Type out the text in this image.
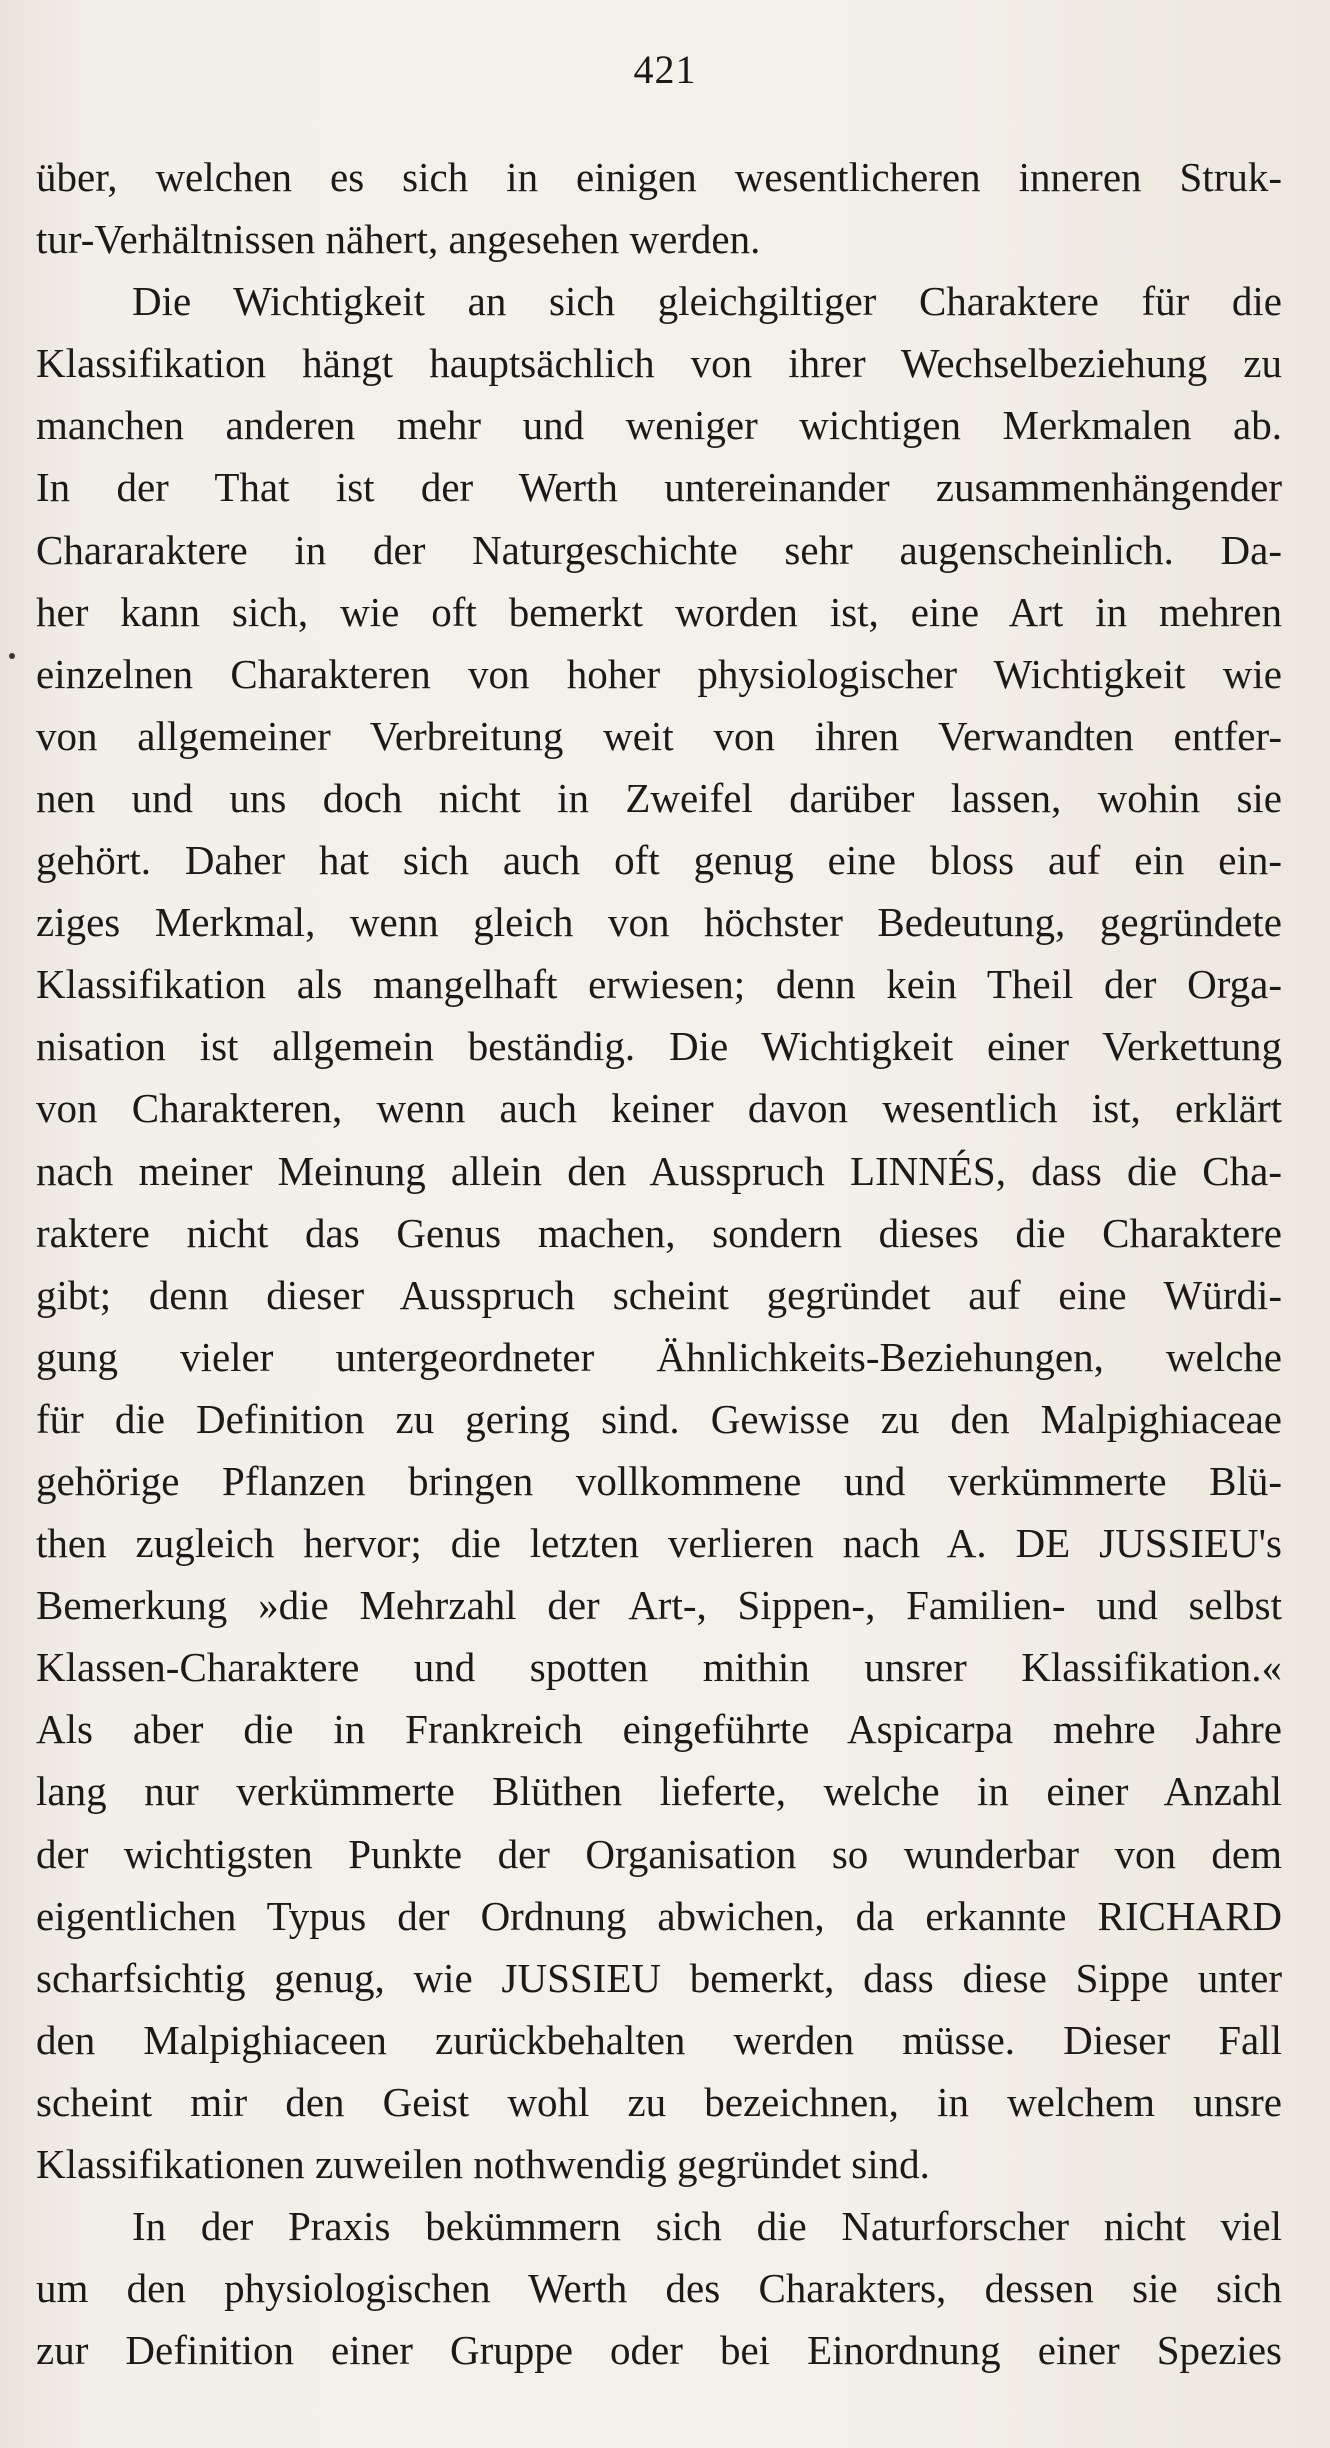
421
über, welchen es sich in einigen wesentlicheren inneren Struk-
tur-Verhältnissen nähert, angesehen werden.
Die Wichtigkeit an sich gleichgiltiger Charaktere für die
Klassifikation hängt hauptsächlich von ihrer Wechselbeziehung zu
manchen anderen mehr und weniger wichtigen Merkmalen ab.
In der That ist der Werth untereinander zusammenhängender
Chararaktere in der Naturgeschichte sehr augenscheinlich. Da-
her kann sich, wie oft bemerkt worden ist, eine Art in mehren
einzelnen Charakteren von hoher physiologischer Wichtigkeit wie
von allgemeiner Verbreitung weit von ihren Verwandten entfer-
nen und uns doch nicht in Zweifel darüber lassen, wohin sie
gehört. Daher hat sich auch oft genug eine bloss auf ein ein-
ziges Merkmal, wenn gleich von höchster Bedeutung, gegründete
Klassifikation als mangelhaft erwiesen; denn kein Theil der Orga-
nisation ist allgemein beständig. Die Wichtigkeit einer Verkettung
von Charakteren, wenn auch keiner davon wesentlich ist, erklärt
nach meiner Meinung allein den Ausspruch LINNÉS, dass die Cha-
raktere nicht das Genus machen, sondern dieses die Charaktere
gibt; denn dieser Ausspruch scheint gegründet auf eine Würdi-
gung vieler untergeordneter Ähnlichkeits-Beziehungen, welche
für die Definition zu gering sind. Gewisse zu den Malpighiaceae
gehörige Pflanzen bringen vollkommene und verkümmerte Blü-
then zugleich hervor; die letzten verlieren nach A. DE JUSSIEU's
Bemerkung »die Mehrzahl der Art-, Sippen-, Familien- und selbst
Klassen-Charaktere und spotten mithin unsrer Klassifikation.«
Als aber die in Frankreich eingeführte Aspicarpa mehre Jahre
lang nur verkümmerte Blüthen lieferte, welche in einer Anzahl
der wichtigsten Punkte der Organisation so wunderbar von dem
eigentlichen Typus der Ordnung abwichen, da erkannte RICHARD
scharfsichtig genug, wie JUSSIEU bemerkt, dass diese Sippe unter
den Malpighiaceen zurückbehalten werden müsse. Dieser Fall
scheint mir den Geist wohl zu bezeichnen, in welchem unsre
Klassifikationen zuweilen nothwendig gegründet sind.
In der Praxis bekümmern sich die Naturforscher nicht viel
um den physiologischen Werth des Charakters, dessen sie sich
zur Definition einer Gruppe oder bei Einordnung einer Spezies
